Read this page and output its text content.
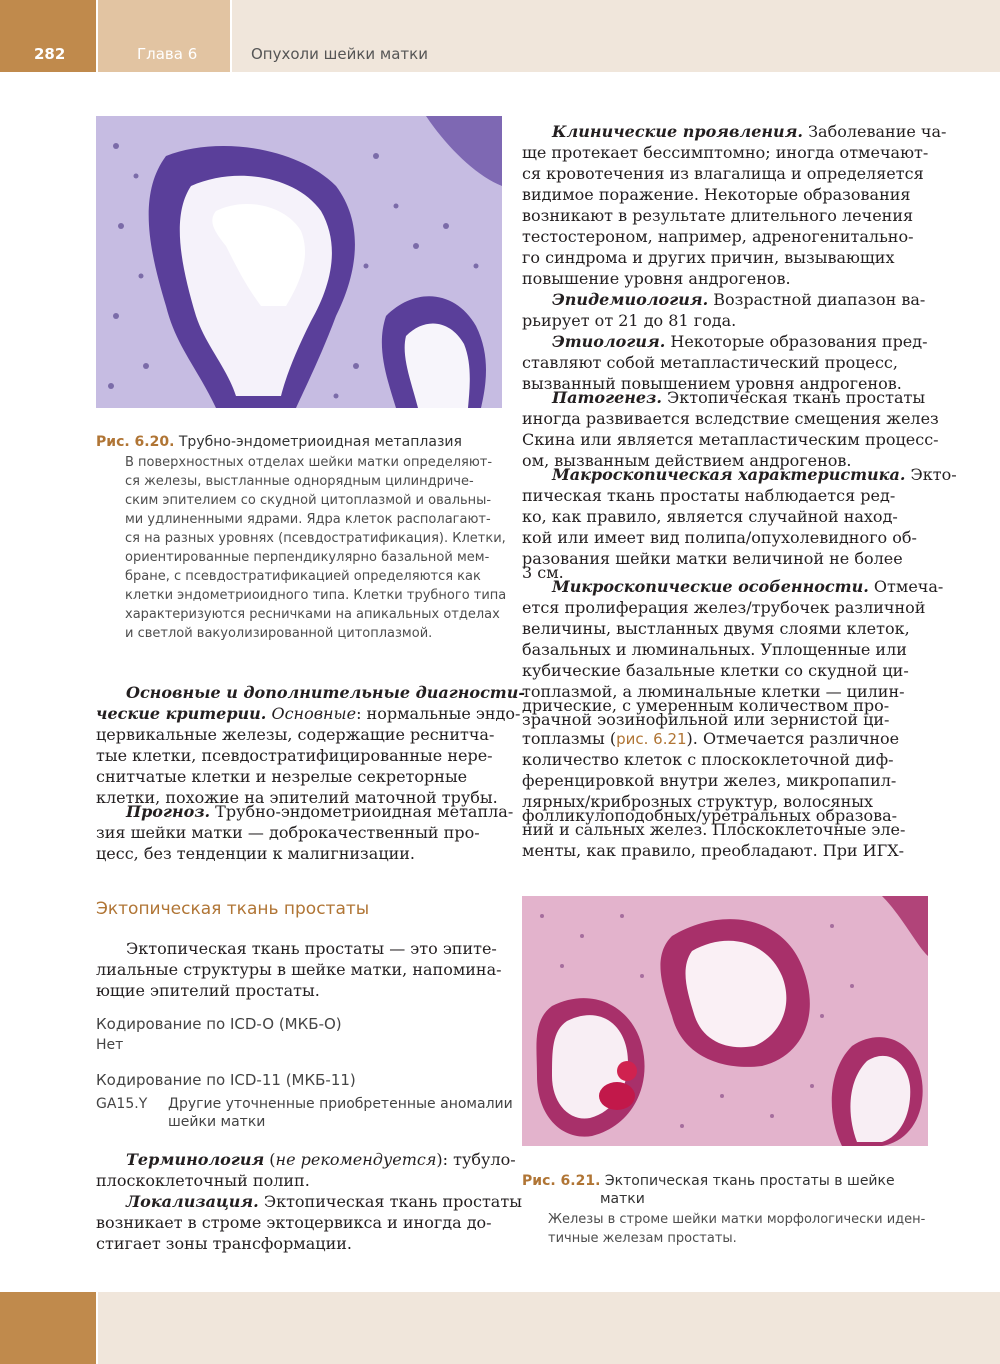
282	Глава 6	Опухоли шейки матки
Рис. 6.20. Трубно-эндометриоидная метаплазия
В поверхностных отделах шейки матки определяют-
ся железы, выстланные однорядным цилиндриче-
ским эпителием со скудной цитоплазмой и овальны-
ми удлиненными ядрами. Ядра клеток располагают-
ся на разных уровнях (псевдостратификация). Клетки,
ориентированные перпендикулярно базальной мем-
бране, с псевдостратификацией определяются как
клетки эндометриоидного типа. Клетки трубного типа
характеризуются ресничками на апикальных отделах
и светлой вакуолизированной цитоплазмой.
Основные и дополнительные диагности-
ческие критерии. Основные: нормальные эндо-
цервикальные железы, содержащие реснитча-
тые клетки, псевдостратифицированные нере-
снитчатые клетки и незрелые секреторные
клетки, похожие на эпителий маточной трубы.
Прогноз. Трубно-эндометриоидная метапла-
зия шейки матки — доброкачественный про-
цесс, без тенденции к малигнизации.
Эктопическая ткань простаты
Эктопическая ткань простаты — это эпите-
лиальные структуры в шейке матки, напомина-
ющие эпителий простаты.
Кодирование по ICD-O (МКБ-О)
Нет
Кодирование по ICD-11 (МКБ-11)
GA15.Y Другие уточненные приобретенные аномалии
шейки матки
Терминология (не рекомендуется): тубуло-
плоскоклеточный полип.
Локализация. Эктопическая ткань простаты
возникает в строме эктоцервикса и иногда до-
стигает зоны трансформации.
Клинические проявления. Заболевание ча-
ще протекает бессимптомно; иногда отмечают-
ся кровотечения из влагалища и определяется
видимое поражение. Некоторые образования
возникают в результате длительного лечения
тестостероном, например, адреногенитально-
го синдрома и других причин, вызывающих
повышение уровня андрогенов.
Эпидемиология. Возрастной диапазон ва-
рьирует от 21 до 81 года.
Этиология. Некоторые образования пред-
ставляют собой метапластический процесс,
вызванный повышением уровня андрогенов.
Патогенез. Эктопическая ткань простаты
иногда развивается вследствие смещения желез
Скина или является метапластическим процесс-
ом, вызванным действием андрогенов.
Макроскопическая характеристика. Экто-
пическая ткань простаты наблюдается ред-
ко, как правило, является случайной наход-
кой или имеет вид полипа/опухолевидного об-
разования шейки матки величиной не более
3 см.
Микроскопические особенности. Отмеча-
ется пролиферация желез/трубочек различной
величины, выстланных двумя слоями клеток,
базальных и люминальных. Уплощенные или
кубические базальные клетки со скудной ци-
топлазмой, а люминальные клетки — цилин-
дрические, с умеренным количеством про-
зрачной эозинофильной или зернистой ци-
топлазмы (рис. 6.21). Отмечается различное
количество клеток с плоскоклеточной диф-
ференцировкой внутри желез, микропапил-
лярных/криброзных структур, волосяных
фолликулоподобных/уретральных образова-
ний и сальных желез. Плоскоклеточные эле-
менты, как правило, преобладают. При ИГХ-
Рис. 6.21. Эктопическая ткань простаты в шейке
матки
Железы в строме шейки матки морфологически иден-
тичные железам простаты.
